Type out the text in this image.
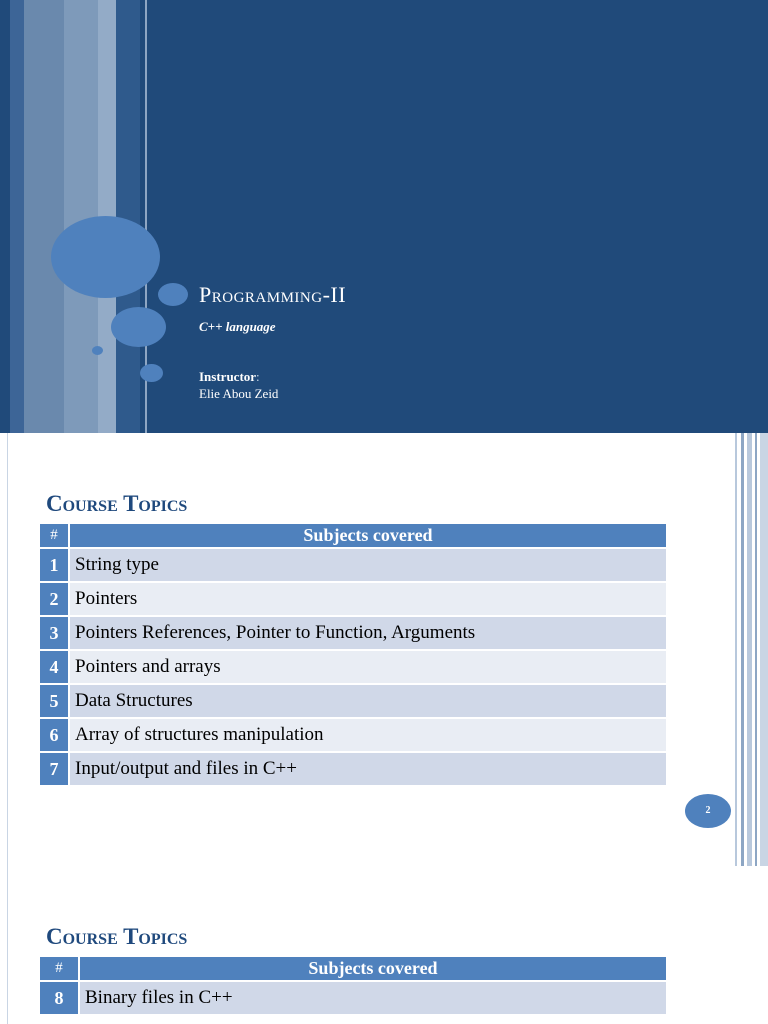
Programming-II
C++ language
Instructor:
Elie Abou Zeid
Course Topics
#	Subjects covered
1	String type
2	Pointers
3	Pointers References, Pointer to Function, Arguments
4	Pointers and arrays
5	Data Structures
6	Array of structures manipulation
7	Input/output and files in C++
2
Course Topics
#	Subjects covered
8	Binary files in C++
